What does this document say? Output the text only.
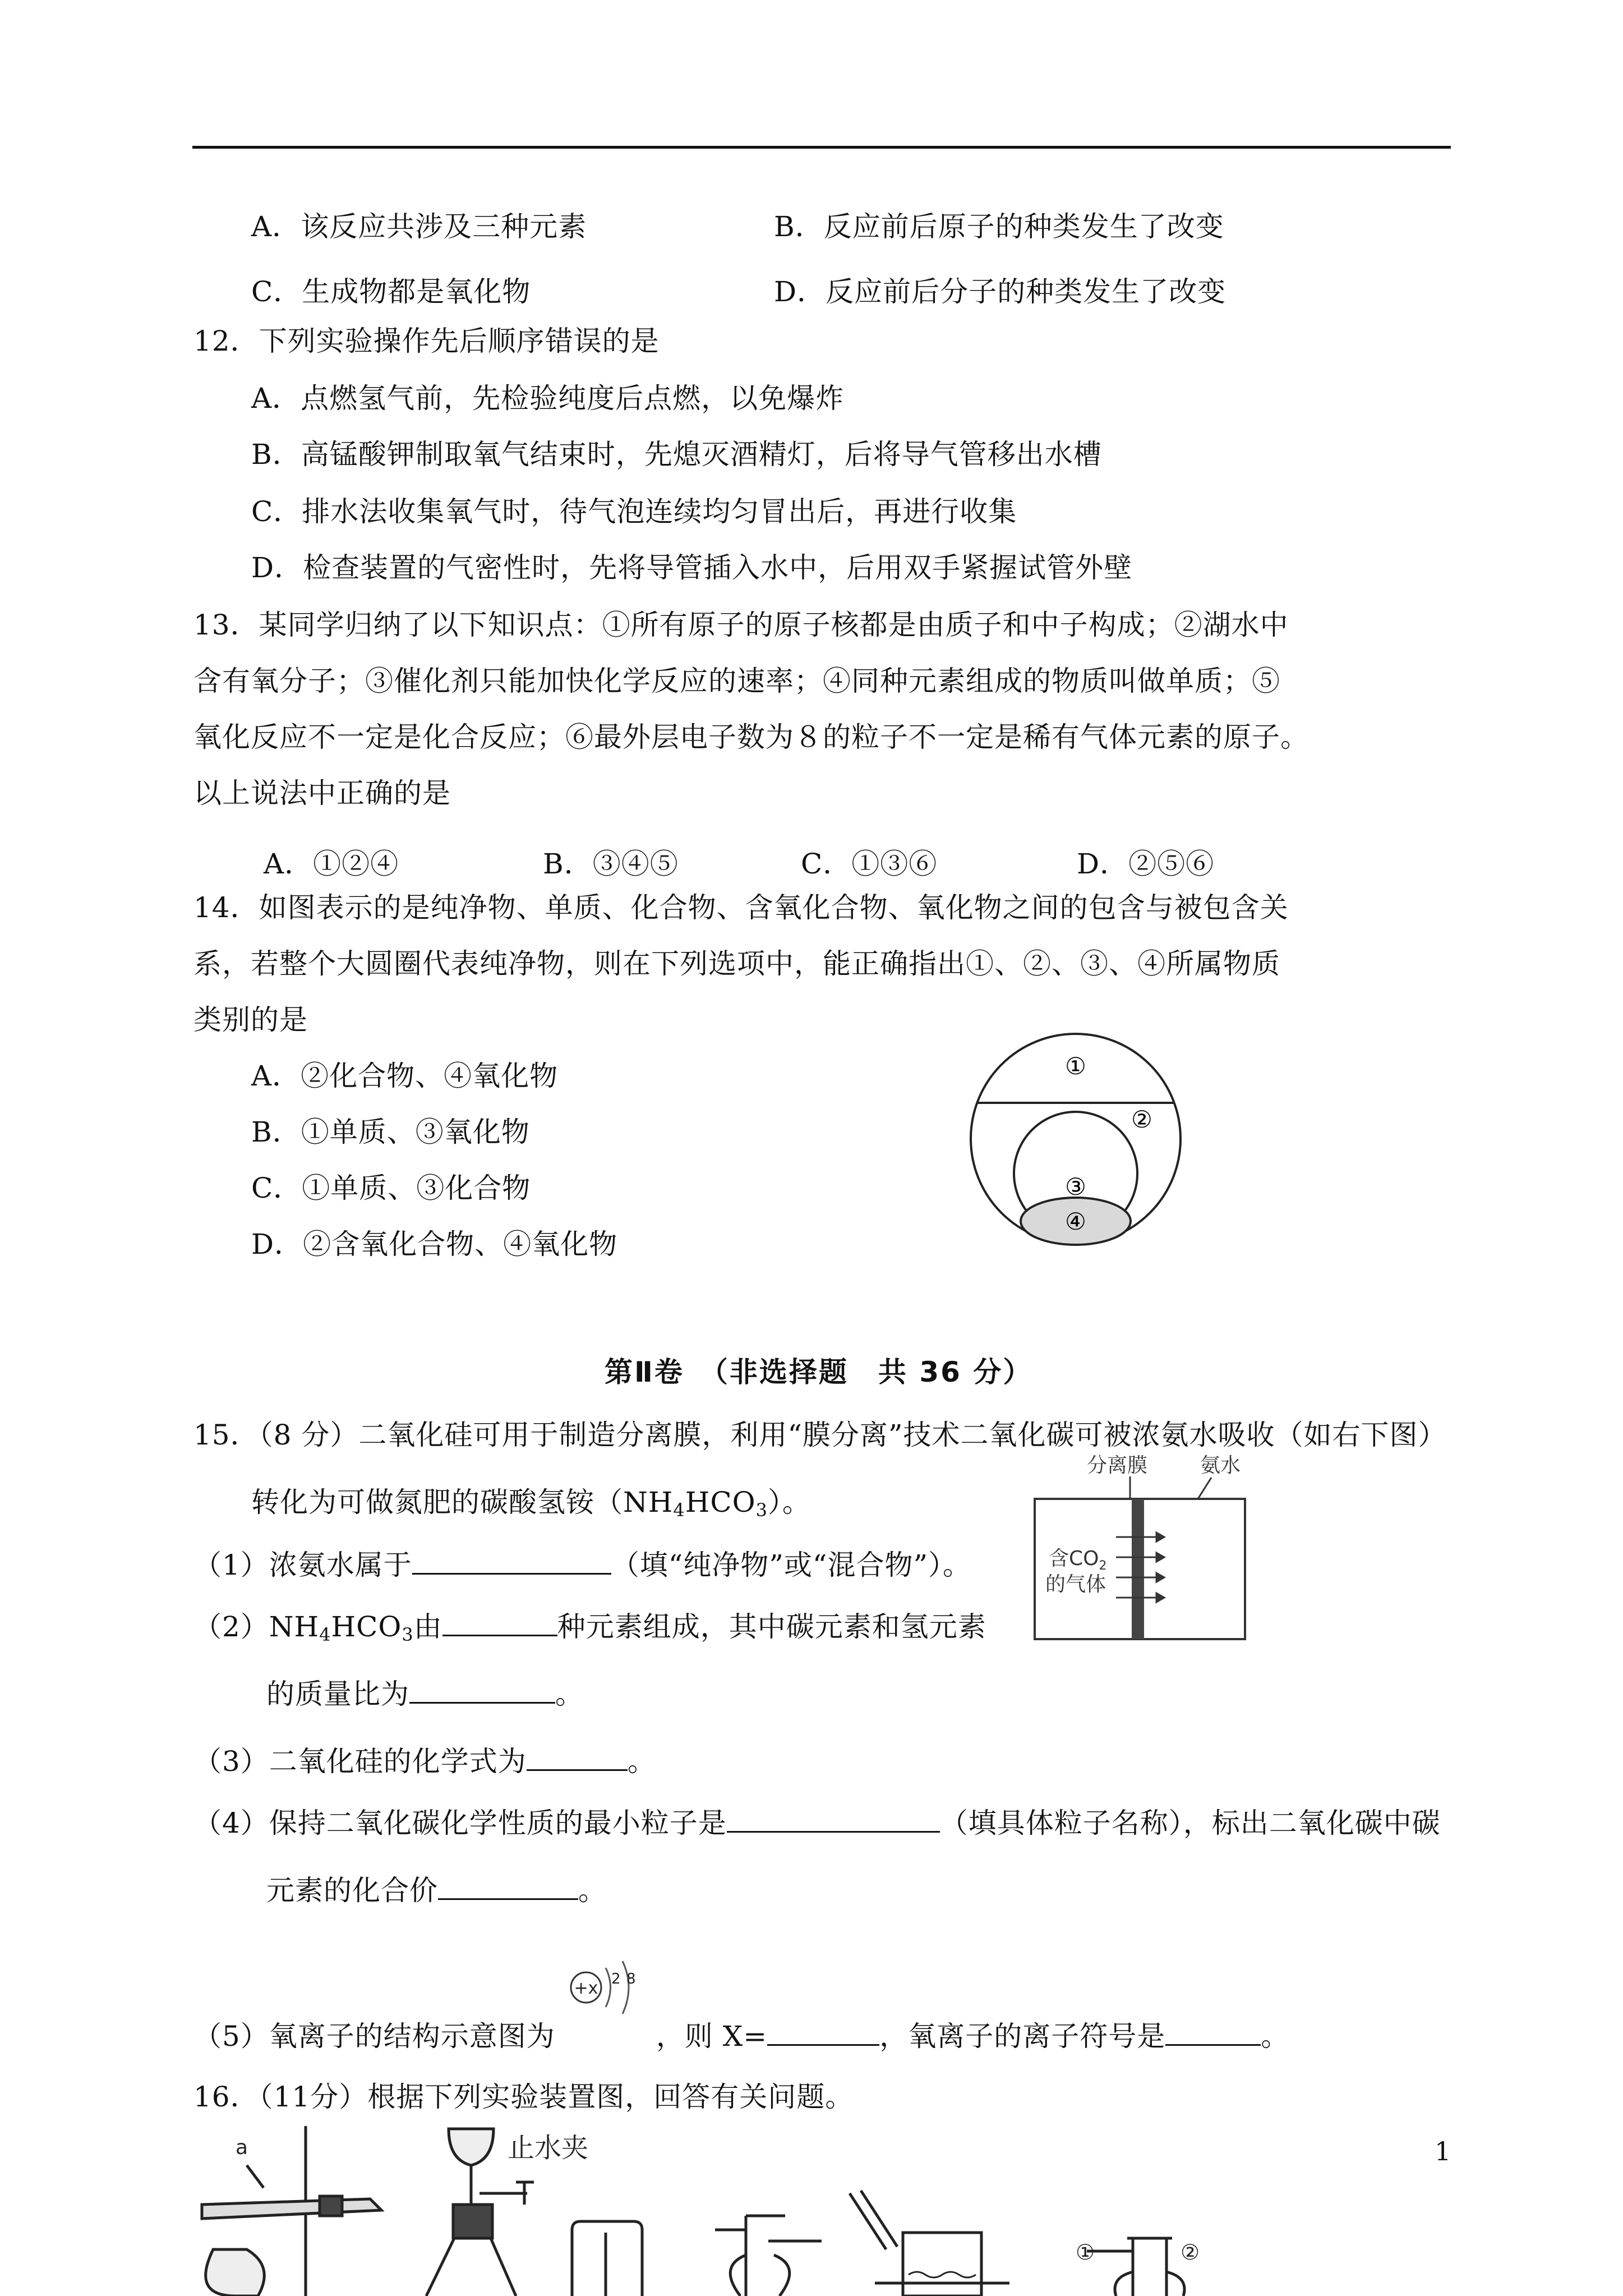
A．该反应共涉及三种元素	B．反应前后原子的种类发生了改变
C．生成物都是氧化物	D．反应前后分子的种类发生了改变
12．下列实验操作先后顺序错误的是
A．点燃氢气前，先检验纯度后点燃，以免爆炸
B．高锰酸钾制取氧气结束时，先熄灭酒精灯，后将导气管移出水槽
C．排水法收集氧气时，待气泡连续均匀冒出后，再进行收集
D．检查装置的气密性时，先将导管插入水中，后用双手紧握试管外壁
13．某同学归纳了以下知识点：①所有原子的原子核都是由质子和中子构成；②湖水中
含有氧分子；③催化剂只能加快化学反应的速率；④同种元素组成的物质叫做单质；⑤
氧化反应不一定是化合反应；⑥最外层电子数为８的粒子不一定是稀有气体元素的原子。
以上说法中正确的是
A．①②④	B．③④⑤	C．①③⑥	D．②⑤⑥
14．如图表示的是纯净物、单质、化合物、含氧化合物、氧化物之间的包含与被包含关
系，若整个大圆圈代表纯净物，则在下列选项中，能正确指出①、②、③、④所属物质
类别的是
A．②化合物、④氧化物
B．①单质、③氧化物
C．①单质、③化合物
D．②含氧化合物、④氧化物
①
②
③
④
第Ⅱ卷　（非选择题　共 36 分）
15．（8 分）二氧化硅可用于制造分离膜，利用“膜分离”技术二氧化碳可被浓氨水吸收（如右下图）
转化为可做氮肥的碳酸氢铵$(NH_4HCO_3)$。
分离膜	氨水
含$CO_2$
的气体
（1）浓氨水属于	（填“纯净物”或“混合物”）。
$(2)NH_4HCO_3$由	种元素组成，其中碳元素和氢元素
的质量比为	。
（3）二氧化硅的化学式为	。
（4）保持二氧化碳化学性质的最小粒子是	（填具体粒子名称），标出二氧化碳中碳
元素的化合价	。
+x 2 8
（5）氧离子的结构示意图为	，则 X=	，氧离子的离子符号是	。
16．（11分）根据下列实验装置图，回答有关问题。
1
a	止水夹
①	②
